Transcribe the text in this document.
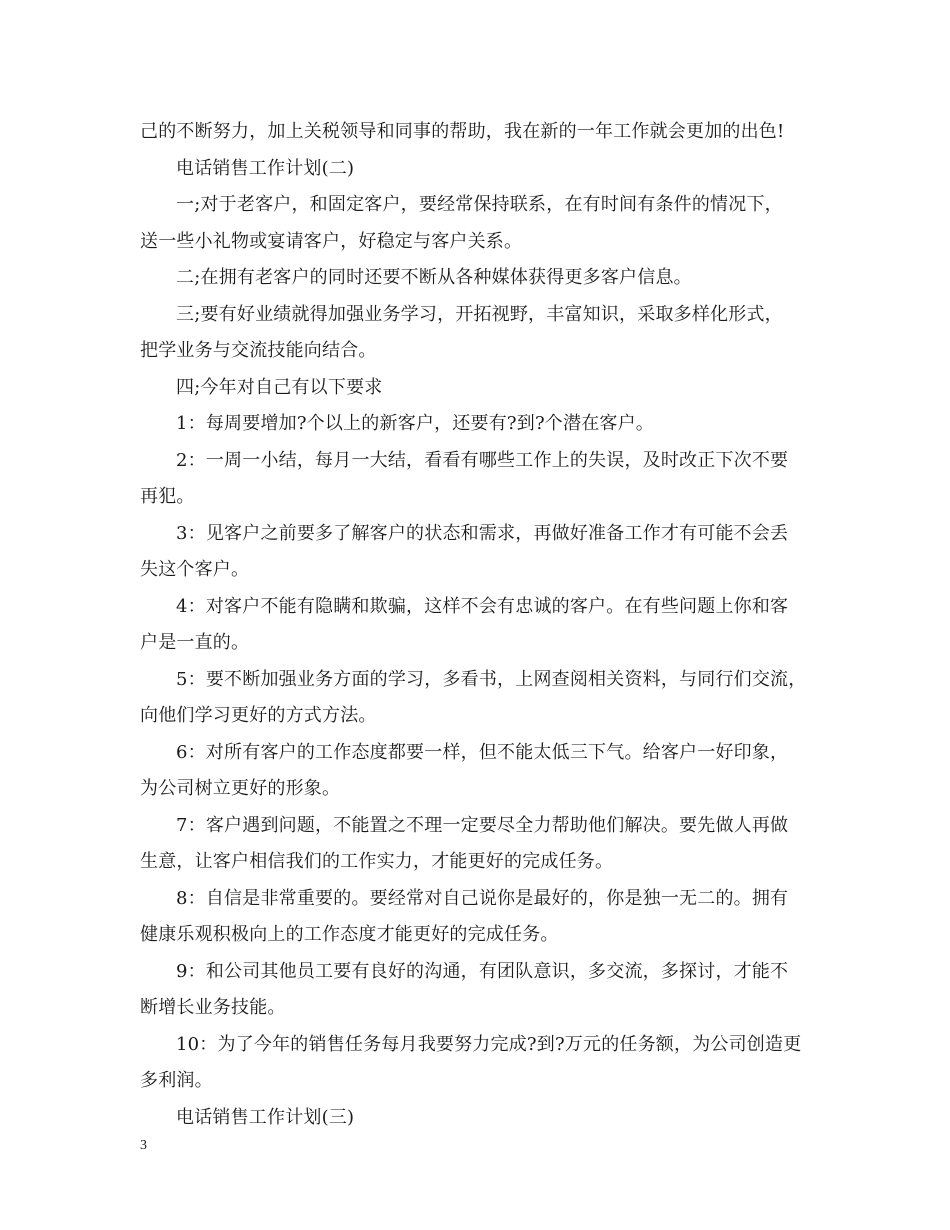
己的不断努力，加上关税领导和同事的帮助，我在新的一年工作就会更加的出色!
电话销售工作计划(二)
一;对于老客户，和固定客户，要经常保持联系，在有时间有条件的情况下，
送一些小礼物或宴请客户，好稳定与客户关系。
二;在拥有老客户的同时还要不断从各种媒体获得更多客户信息。
三;要有好业绩就得加强业务学习，开拓视野，丰富知识，采取多样化形式，
把学业务与交流技能向结合。
四;今年对自己有以下要求
1：每周要增加?个以上的新客户，还要有?到?个潜在客户。
2：一周一小结，每月一大结，看看有哪些工作上的失误，及时改正下次不要
再犯。
3：见客户之前要多了解客户的状态和需求，再做好准备工作才有可能不会丢
失这个客户。
4：对客户不能有隐瞒和欺骗，这样不会有忠诚的客户。在有些问题上你和客
户是一直的。
5：要不断加强业务方面的学习，多看书，上网查阅相关资料，与同行们交流，
向他们学习更好的方式方法。
6：对所有客户的工作态度都要一样，但不能太低三下气。给客户一好印象，
为公司树立更好的形象。
7：客户遇到问题，不能置之不理一定要尽全力帮助他们解决。要先做人再做
生意，让客户相信我们的工作实力，才能更好的完成任务。
8：自信是非常重要的。要经常对自己说你是最好的，你是独一无二的。拥有
健康乐观积极向上的工作态度才能更好的完成任务。
9：和公司其他员工要有良好的沟通，有团队意识，多交流，多探讨，才能不
断增长业务技能。
10：为了今年的销售任务每月我要努力完成?到?万元的任务额，为公司创造更
多利润。
电话销售工作计划(三)
3
